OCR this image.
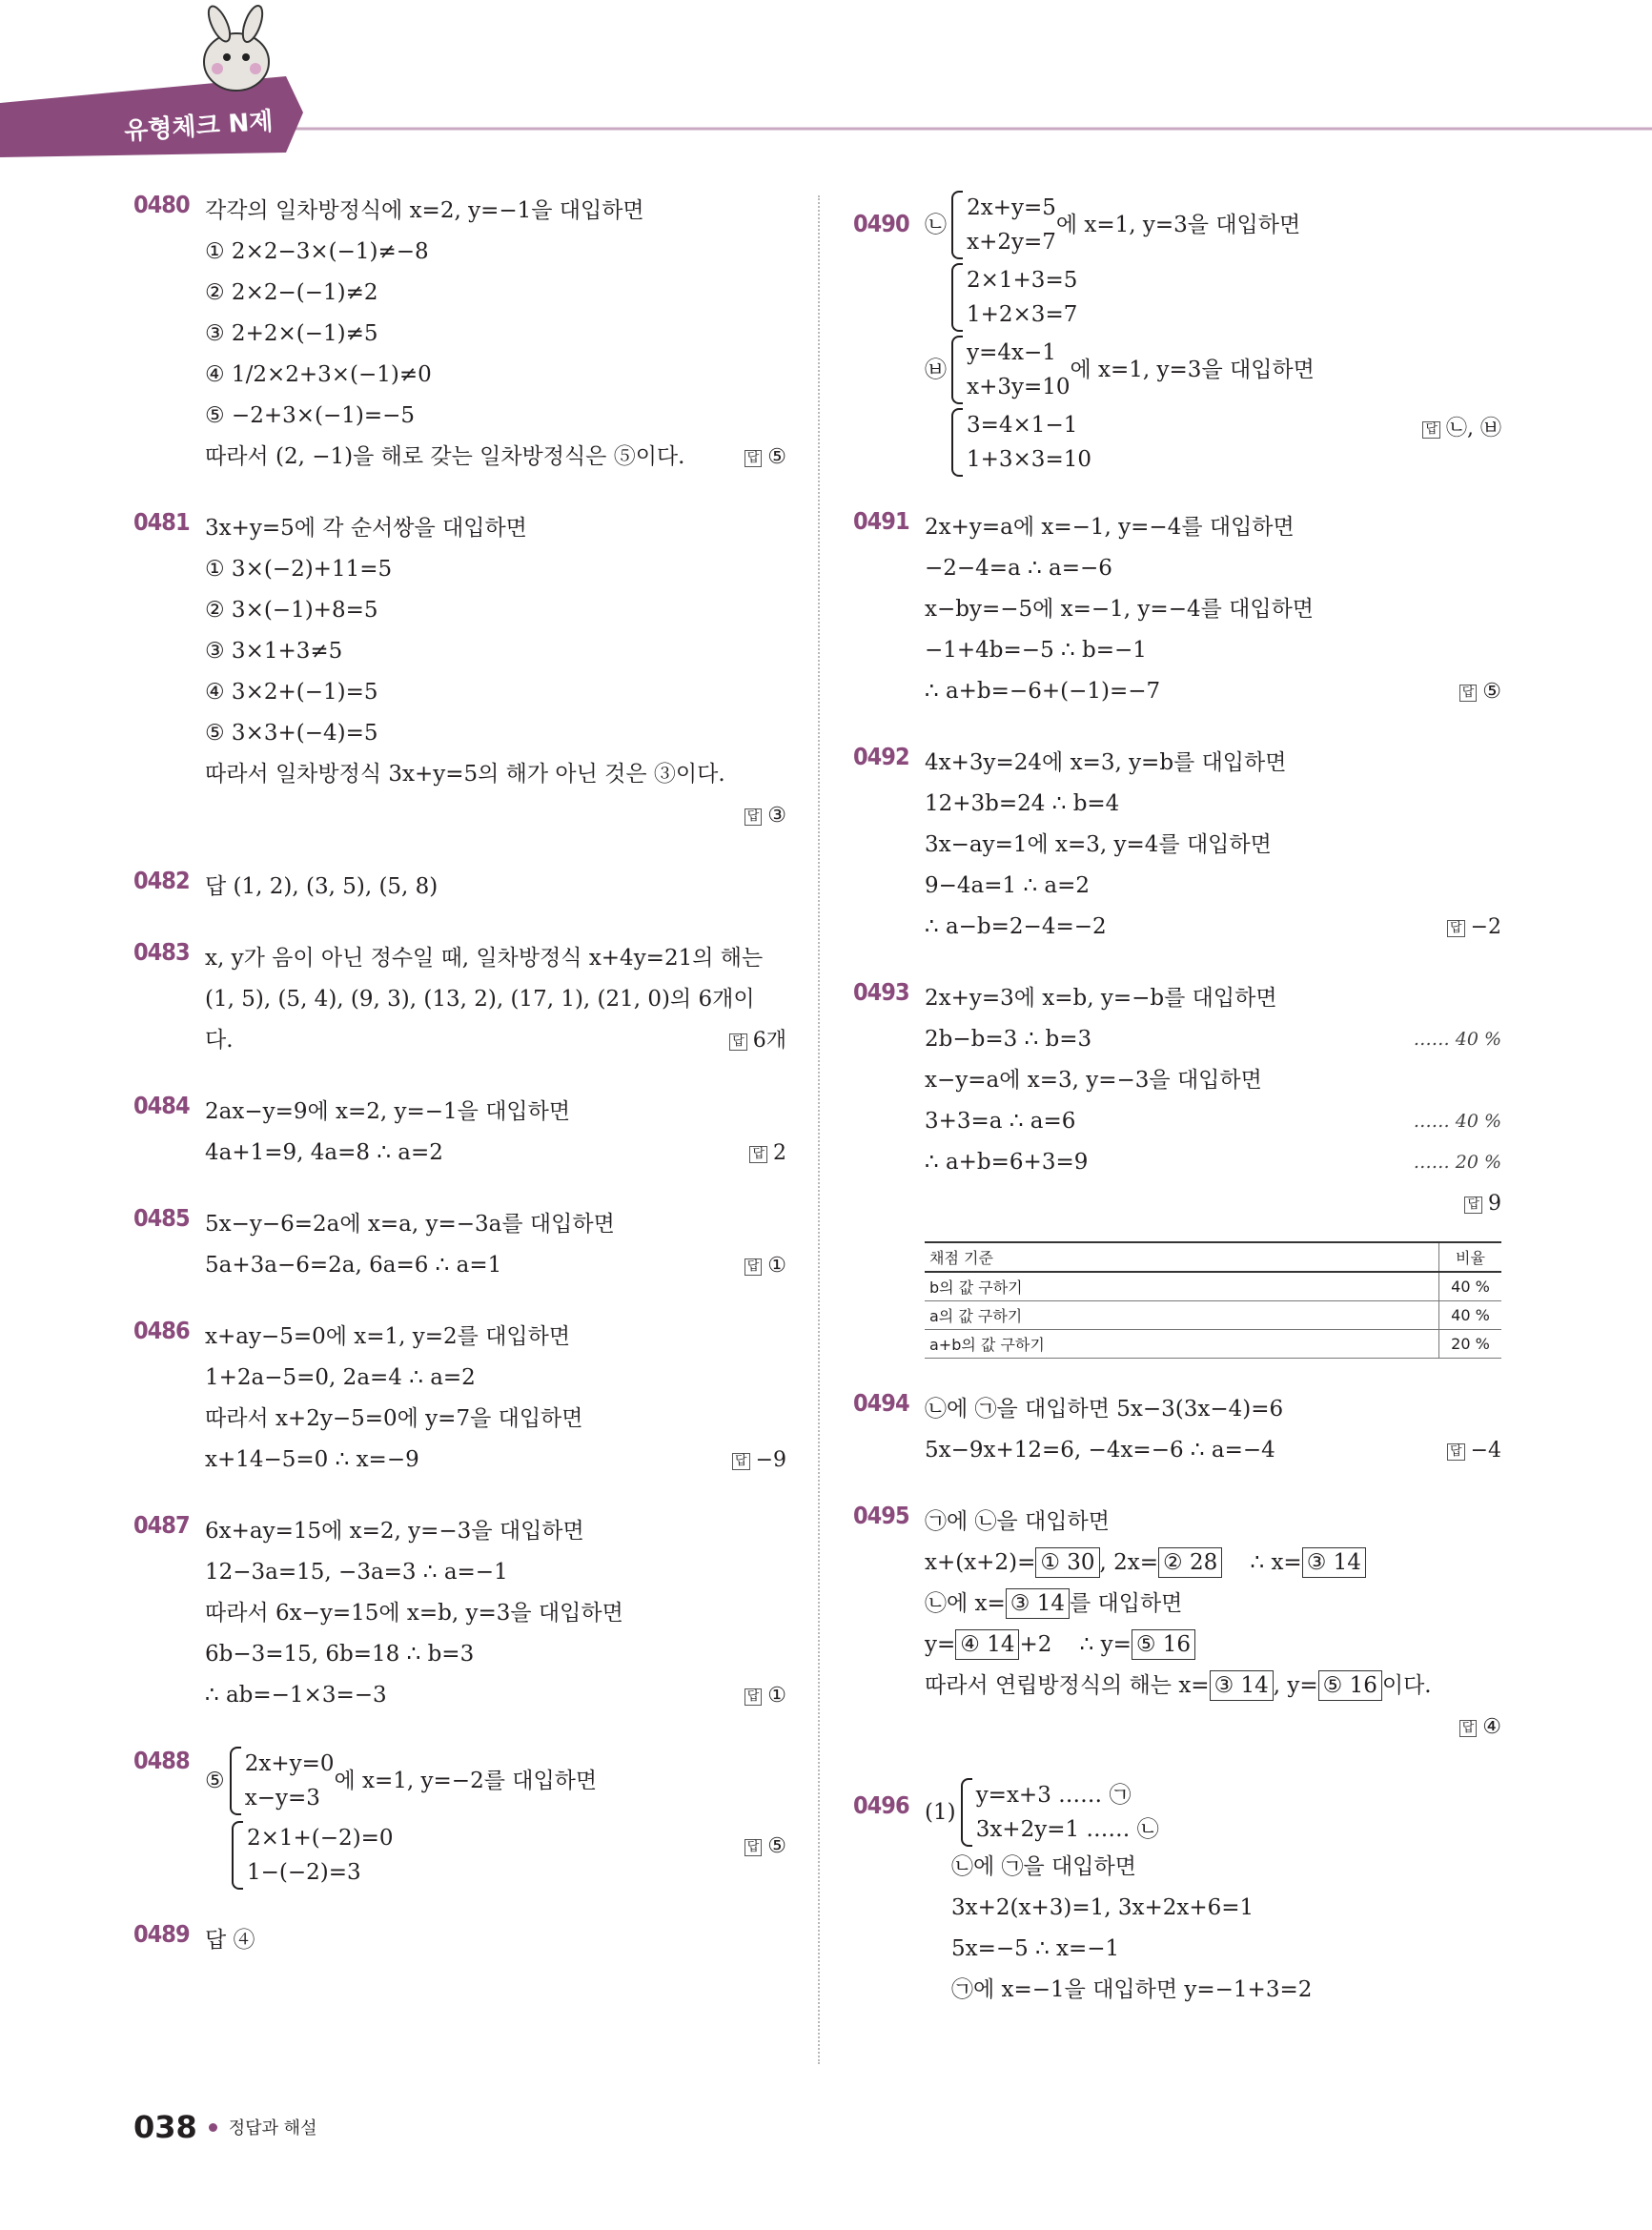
유형체크 N제
0480 각각의 일차방정식에 x=2, y=−1을 대입하면
① 2×2−3×(−1)≠−8
② 2×2−(−1)≠2
③ 2+2×(−1)≠5
④ 1/2×2+3×(−1)≠0
⑤ −2+3×(−1)=−5
따라서 (2, −1)을 해로 갖는 일차방정식은 ⑤이다.	답 ⑤
0481 3x+y=5에 각 순서쌍을 대입하면
① 3×(−2)+11=5
② 3×(−1)+8=5
③ 3×1+3≠5
④ 3×2+(−1)=5
⑤ 3×3+(−4)=5
따라서 일차방정식 3x+y=5의 해가 아닌 것은 ③이다.
답 ③
0482 답 (1, 2), (3, 5), (5, 8)
0483 x, y가 음이 아닌 정수일 때, 일차방정식 x+4y=21의 해는
(1, 5), (5, 4), (9, 3), (13, 2), (17, 1), (21, 0)의 6개이
다.	답 6개
0484 2ax−y=9에 x=2, y=−1을 대입하면
4a+1=9, 4a=8 ∴ a=2	답 2
0485 5x−y−6=2a에 x=a, y=−3a를 대입하면
5a+3a−6=2a, 6a=6 ∴ a=1	답 ①
0486 x+ay−5=0에 x=1, y=2를 대입하면
1+2a−5=0, 2a=4 ∴ a=2
따라서 x+2y−5=0에 y=7을 대입하면
x+14−5=0 ∴ x=−9	답 −9
0487 6x+ay=15에 x=2, y=−3을 대입하면
12−3a=15, −3a=3 ∴ a=−1
따라서 6x−y=15에 x=b, y=3을 대입하면
6b−3=15, 6b=18 ∴ b=3
∴ ab=−1×3=−3	답 ①
0488
⑤

2x+y=0
x−y=3
에 x=1, y=−2를 대입하면
2×1+(−2)=0
1−(−2)=3
답 ⑤
0489 답 ④
0490 ㉡

2x+y=5
x+2y=7
에 x=1, y=3을 대입하면
2×1+3=5
1+2×3=7
㉥

y=4x−1
x+3y=10
에 x=1, y=3을 대입하면
3=4×1−1
1+3×3=10
답 ㉡, ㉥
0491 2x+y=a에 x=−1, y=−4를 대입하면
−2−4=a ∴ a=−6
x−by=−5에 x=−1, y=−4를 대입하면
−1+4b=−5 ∴ b=−1
∴ a+b=−6+(−1)=−7	답 ⑤
0492 4x+3y=24에 x=3, y=b를 대입하면
12+3b=24 ∴ b=4
3x−ay=1에 x=3, y=4를 대입하면
9−4a=1 ∴ a=2
∴ a−b=2−4=−2	답 −2
0493 2x+y=3에 x=b, y=−b를 대입하면
2b−b=3 ∴ b=3	…… 40 %
x−y=a에 x=3, y=−3을 대입하면
3+3=a ∴ a=6	…… 40 %
∴ a+b=6+3=9	…… 20 %
답 9
채점 기준	비율
b의 값 구하기	40 %
a의 값 구하기	40 %
a+b의 값 구하기	20 %
0494 ㉡에 ㉠을 대입하면 5x−3(3x−4)=6
5x−9x+12=6, −4x=−6 ∴ a=−4	답 −4
0495 ㉠에 ㉡을 대입하면
x+(x+2)= ① 30 , 2x= ② 28 ∴ x= ③ 14
㉡에 x= ③ 14 를 대입하면
y= ④ 14 +2 ∴ y= ⑤ 16
따라서 연립방정식의 해는 x= ③ 14 , y= ⑤ 16 이다.
답 ④
0496 (1)

y=x+3 …… ㉠
3x+2y=1 …… ㉡
㉡에 ㉠을 대입하면
3x+2(x+3)=1, 3x+2x+6=1
5x=−5 ∴ x=−1
㉠에 x=−1을 대입하면 y=−1+3=2
038 정답과 해설
